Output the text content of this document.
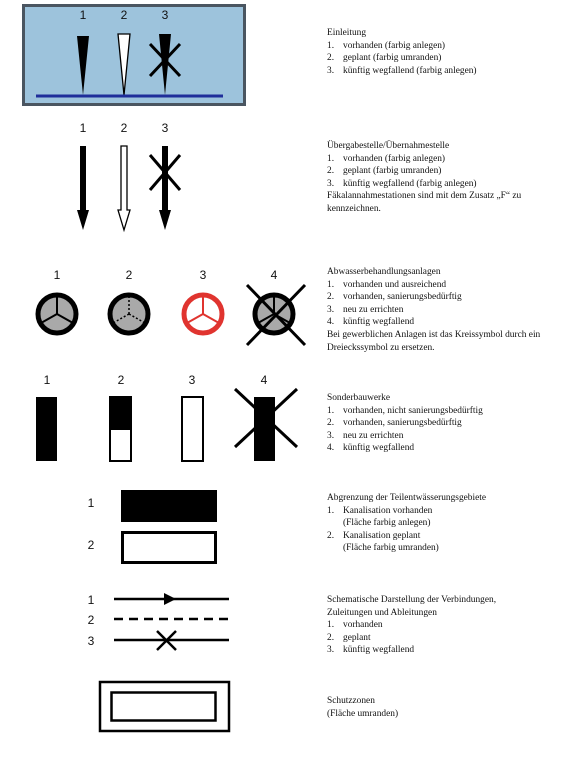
1	2	3
1	2	3
1	2	3	4
1	2	3	4
1
2
1
2
3
Einleitung
1. vorhanden (farbig anlegen)
2. geplant (farbig umranden)
3. künftig wegfallend (farbig anlegen)
Übergabestelle/Übernahmestelle
1. vorhanden (farbig anlegen)
2. geplant (farbig umranden)
3. künftig wegfallend (farbig anlegen)
Fäkalannahmestationen sind mit dem Zusatz „F“ zu kennzeichnen.
Abwasserbehandlungsanlagen
1. vorhanden und ausreichend
2. vorhanden, sanierungsbedürftig
3. neu zu errichten
4. künftig wegfallend
Bei gewerblichen Anlagen ist das Kreissymbol durch ein Dreieckssymbol zu ersetzen.
Sonderbauwerke
1. vorhanden, nicht sanierungsbedürftig
2. vorhanden, sanierungsbedürftig
3. neu zu errichten
4. künftig wegfallend
Abgrenzung der Teilentwässerungsgebiete
1. Kanalisation vorhanden
(Fläche farbig anlegen)
2. Kanalisation geplant
(Fläche farbig umranden)
Schematische Darstellung der Verbindungen, Zuleitungen und Ableitungen
1. vorhanden
2. geplant
3. künftig wegfallend
Schutzzonen
(Fläche umranden)
